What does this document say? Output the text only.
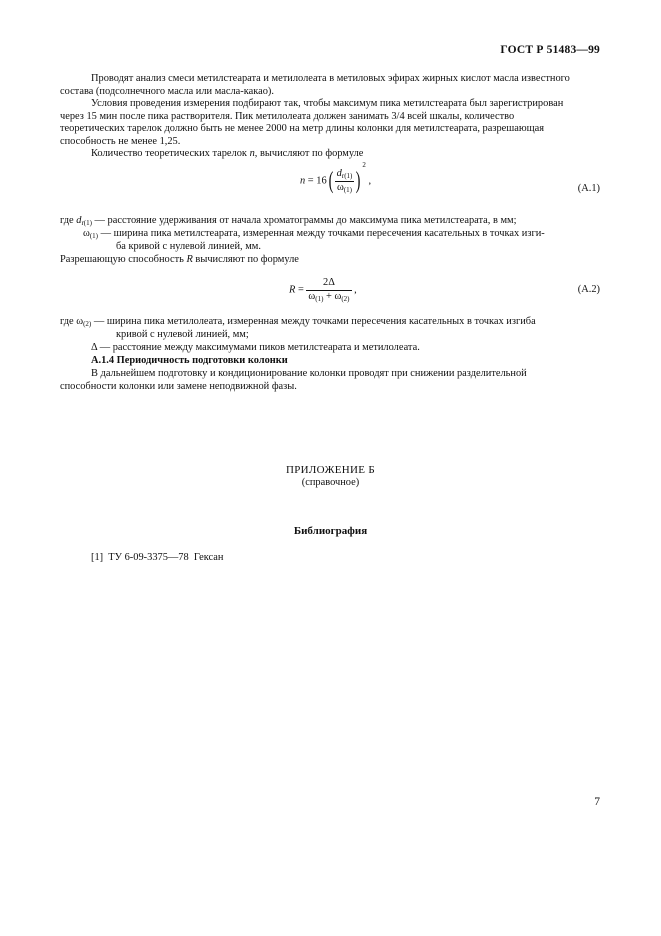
ГОСТ Р 51483—99
Проводят анализ смеси метилстеарата и метилолеата в метиловых эфирах жирных кислот масла известного
состава (подсолнечного масла или масла-какао).
Условия проведения измерения подбирают так, чтобы максимум пика метилстеарата был зарегистрирован
через 15 мин после пика растворителя. Пик метилолеата должен занимать 3/4 всей шкалы, количество
теоретических тарелок должно быть не менее 2000 на метр длины колонки для метилстеарата, разрешающая
способность не менее 1,25.
Количество теоретических тарелок n, вычисляют по формуле
$n = 16( \frac{d_{r(1)}}{\omega_{(1)}} )^2$ ,
(А.1)
где $d_{r(1)}$ — расстояние удерживания от начала хроматограммы до максимума пика метилстеарата, в мм;
$\omega_{(1)}$ — ширина пика метилстеарата, измеренная между точками пересечения касательных в точках изги-
ба кривой с нулевой линией, мм.
Разрешающую способность R вычисляют по формуле
$R = \frac{2\Delta}{\omega_{(1)} + \omega_{(2)}}$ ,	(А.2)
где $\omega_{(2)}$ — ширина пика метилолеата, измеренная между точками пересечения касательных в точках изгиба
кривой с нулевой линией, мм;
Δ — расстояние между максимумами пиков метилстеарата и метилолеата.
А.1.4 Периодичность подготовки колонки
В дальнейшем подготовку и кондиционирование колонки проводят при снижении разделительной
способности колонки или замене неподвижной фазы.
ПРИЛОЖЕНИЕ Б
(справочное)
Библиография
[1]  ТУ 6-09-3375—78  Гексан
7
